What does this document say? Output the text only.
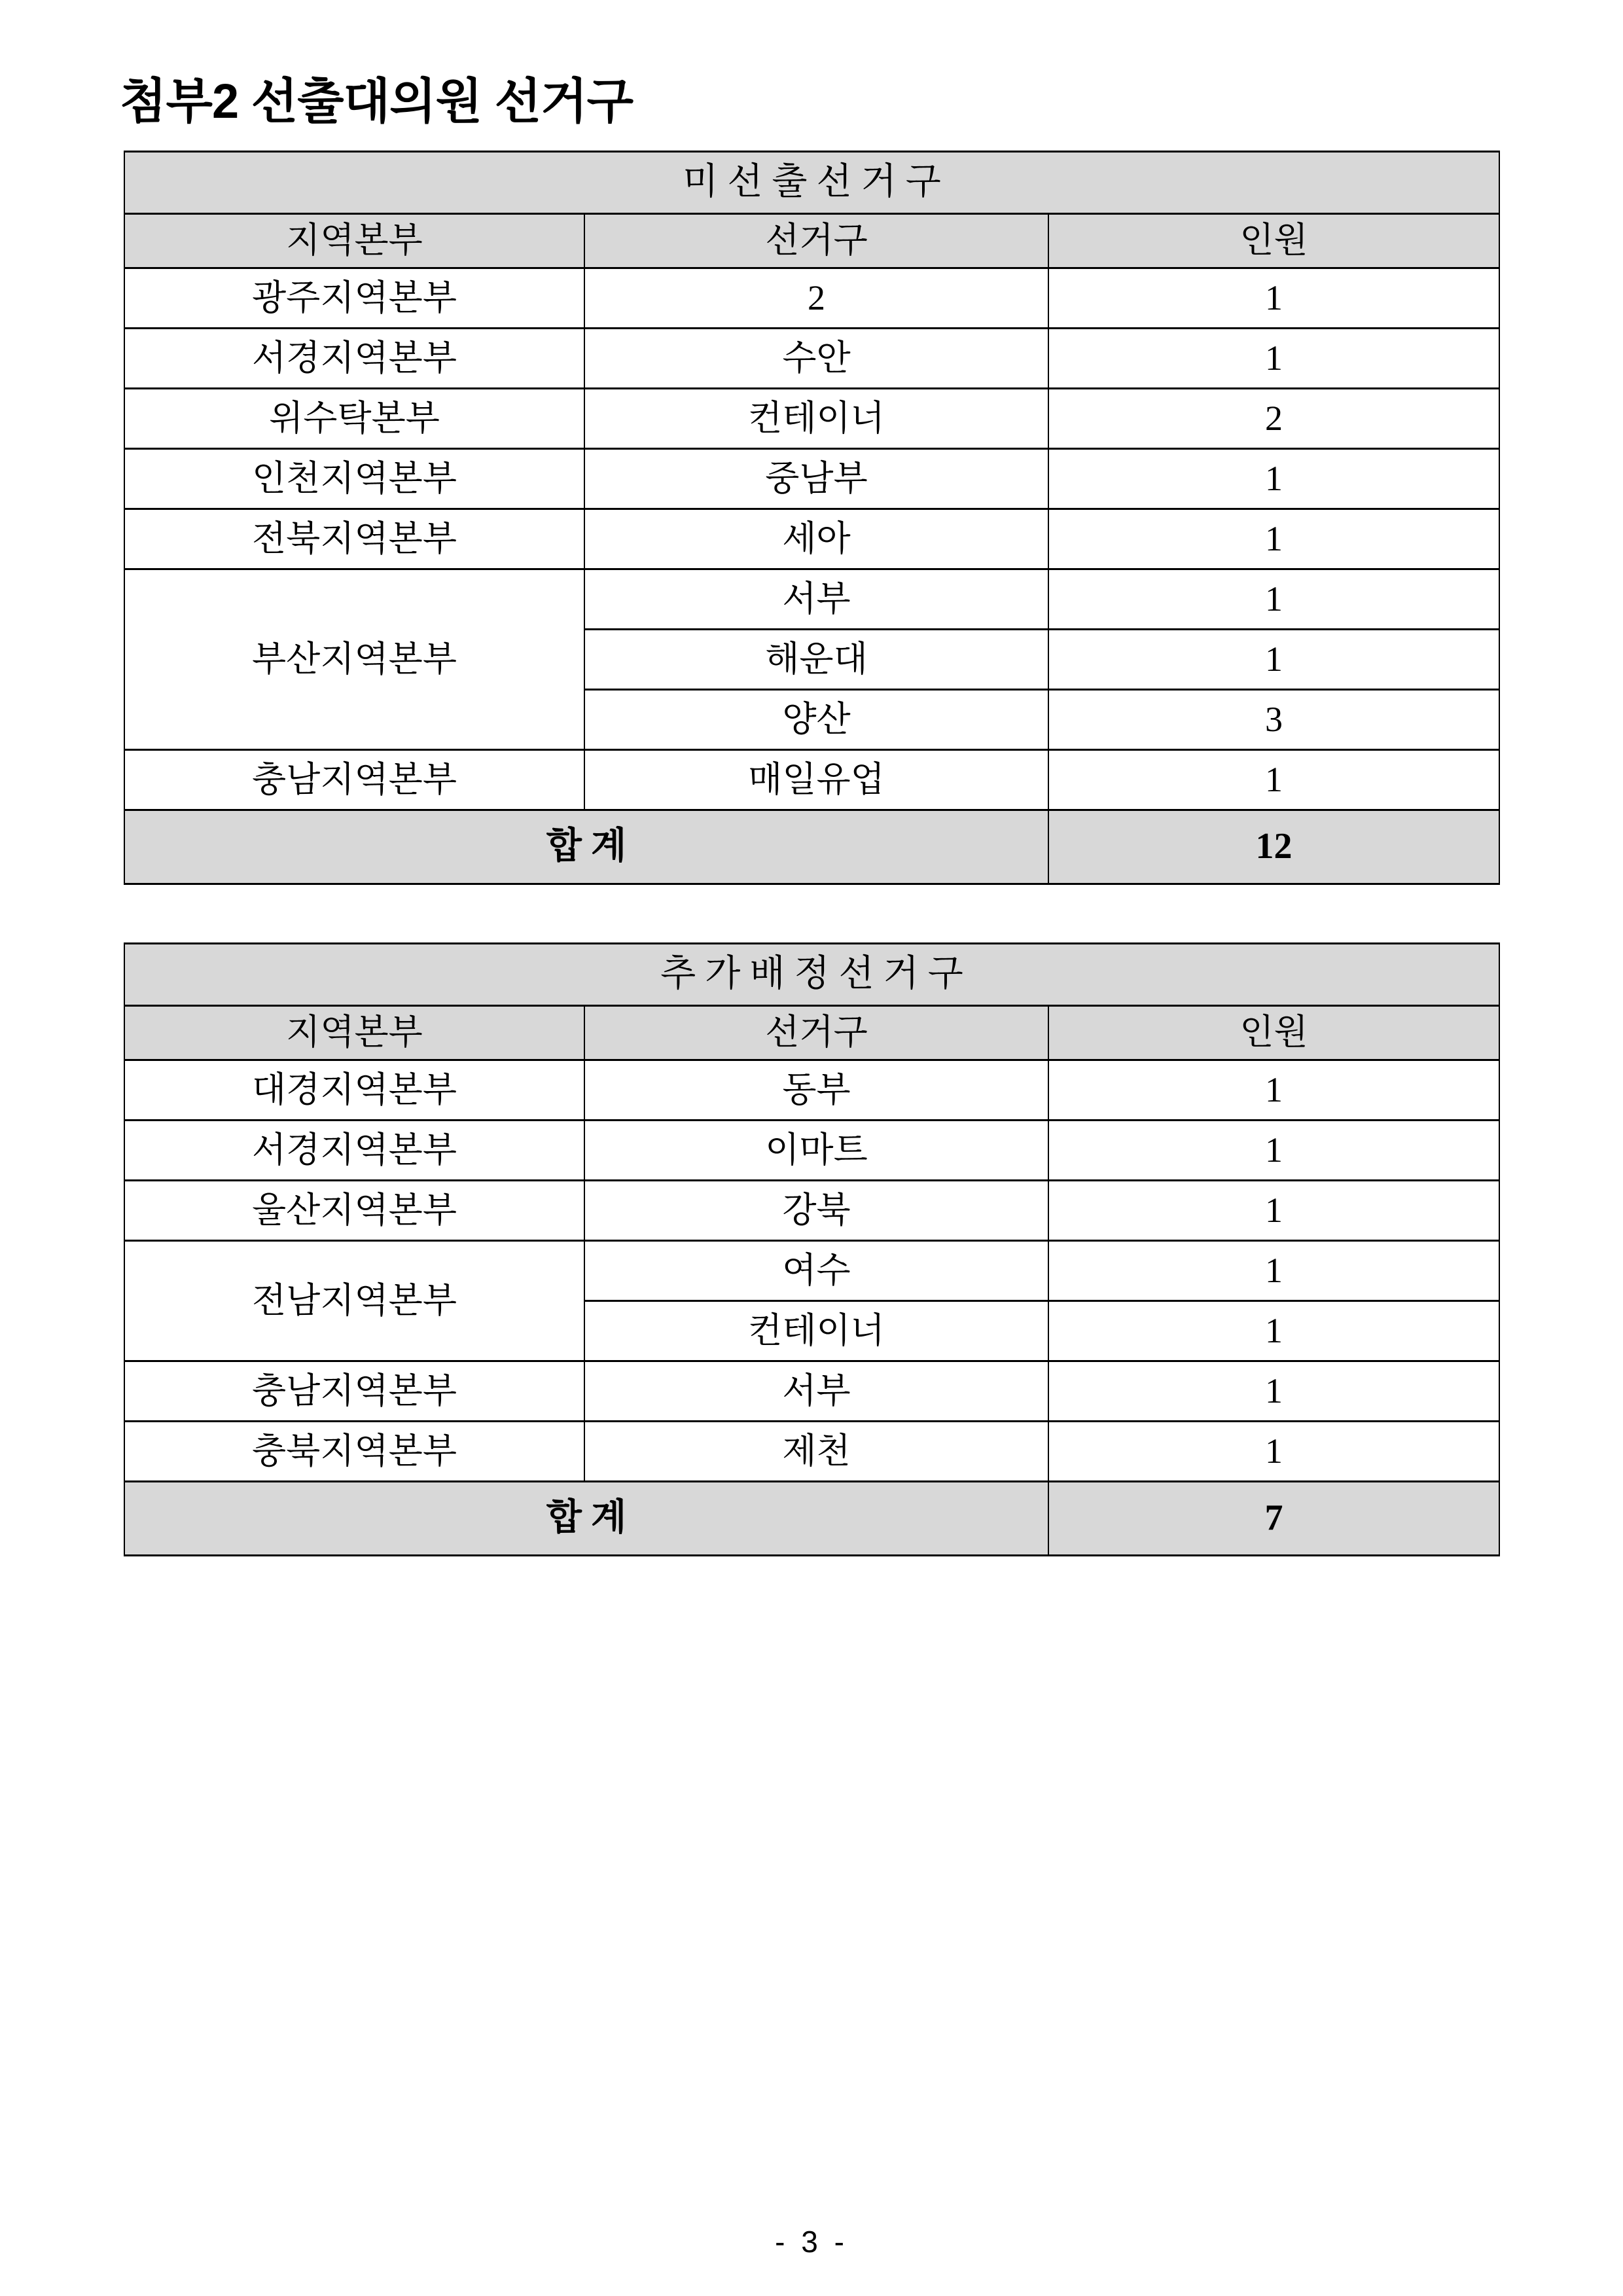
첨부2 선출대의원 선거구
미 선 출 선 거 구		
지역본부	선거구	인원
광주지역본부	2	1
서경지역본부	수안	1
위수탁본부	컨테이너	2
인천지역본부	중남부	1
전북지역본부	세아	1
부산지역본부	서부	1
	해운대	1
	양산	3
충남지역본부	매일유업	1
합 계		12
추 가 배 정 선 거 구		
지역본부	선거구	인원
대경지역본부	동부	1
서경지역본부	이마트	1
울산지역본부	강북	1
전남지역본부	여수	1
	컨테이너	1
충남지역본부	서부	1
충북지역본부	제천	1
합 계		7
- 3 -
